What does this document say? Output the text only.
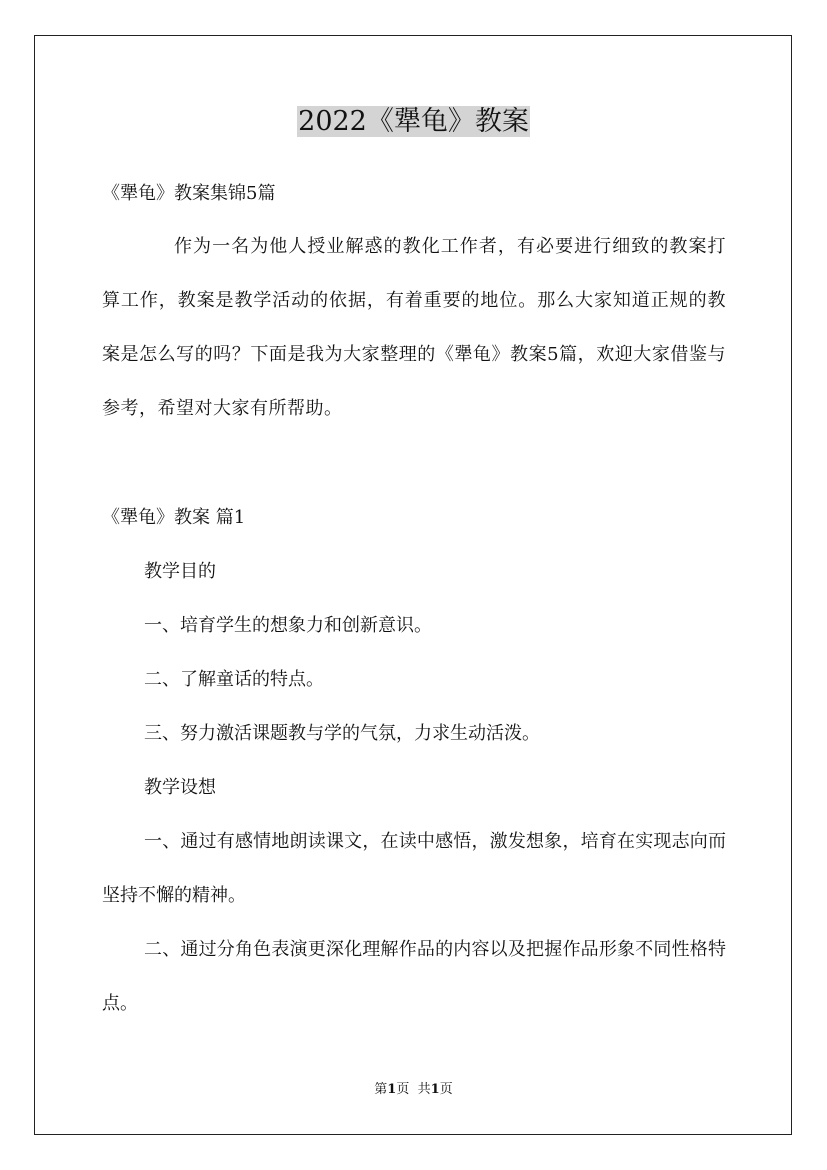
2022《犟龟》教案
《犟龟》教案集锦5篇
作为一名为他人授业解惑的教化工作者，有必要进行细致的教案打算工作，教案是教学活动的依据，有着重要的地位。那么大家知道正规的教案是怎么写的吗？下面是我为大家整理的《犟龟》教案5篇，欢迎大家借鉴与参考，希望对大家有所帮助。
《犟龟》教案 篇1

教学目的

一、培育学生的想象力和创新意识。

二、了解童话的特点。

三、努力激活课题教与学的气氛，力求生动活泼。

教学设想

一、通过有感情地朗读课文，在读中感悟，激发想象，培育在实现志向而坚持不懈的精神。

二、通过分角色表演更深化理解作品的内容以及把握作品形象不同性格特点。

第1页 共1页
